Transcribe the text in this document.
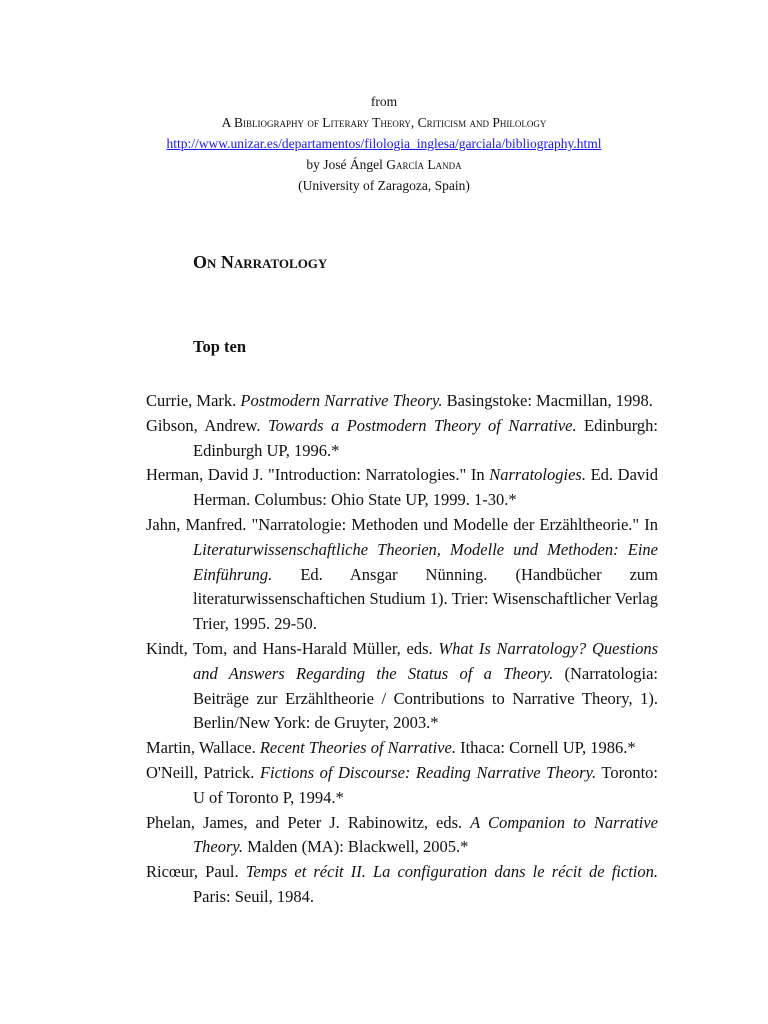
from
A Bibliography of Literary Theory, Criticism and Philology
http://www.unizar.es/departamentos/filologia_inglesa/garciala/bibliography.html
by José Ángel García Landa
(University of Zaragoza, Spain)
On Narratology
Top ten
Currie, Mark. Postmodern Narrative Theory. Basingstoke: Macmillan, 1998.
Gibson, Andrew. Towards a Postmodern Theory of Narrative. Edinburgh: Edinburgh UP, 1996.*
Herman, David J. "Introduction: Narratologies." In Narratologies. Ed. David Herman. Columbus: Ohio State UP, 1999. 1-30.*
Jahn, Manfred. "Narratologie: Methoden und Modelle der Erzähltheorie." In Literaturwissenschaftliche Theorien, Modelle und Methoden: Eine Einführung. Ed. Ansgar Nünning. (Handbücher zum literaturwissenschaftichen Studium 1). Trier: Wisenschaftlicher Verlag Trier, 1995. 29-50.
Kindt, Tom, and Hans-Harald Müller, eds. What Is Narratology? Questions and Answers Regarding the Status of a Theory. (Narratologia: Beiträge zur Erzähltheorie / Contributions to Narrative Theory, 1). Berlin/New York: de Gruyter, 2003.*
Martin, Wallace. Recent Theories of Narrative. Ithaca: Cornell UP, 1986.*
O'Neill, Patrick. Fictions of Discourse: Reading Narrative Theory. Toronto: U of Toronto P, 1994.*
Phelan, James, and Peter J. Rabinowitz, eds. A Companion to Narrative Theory. Malden (MA): Blackwell, 2005.*
Ricœur, Paul. Temps et récit II. La configuration dans le récit de fiction. Paris: Seuil, 1984.
